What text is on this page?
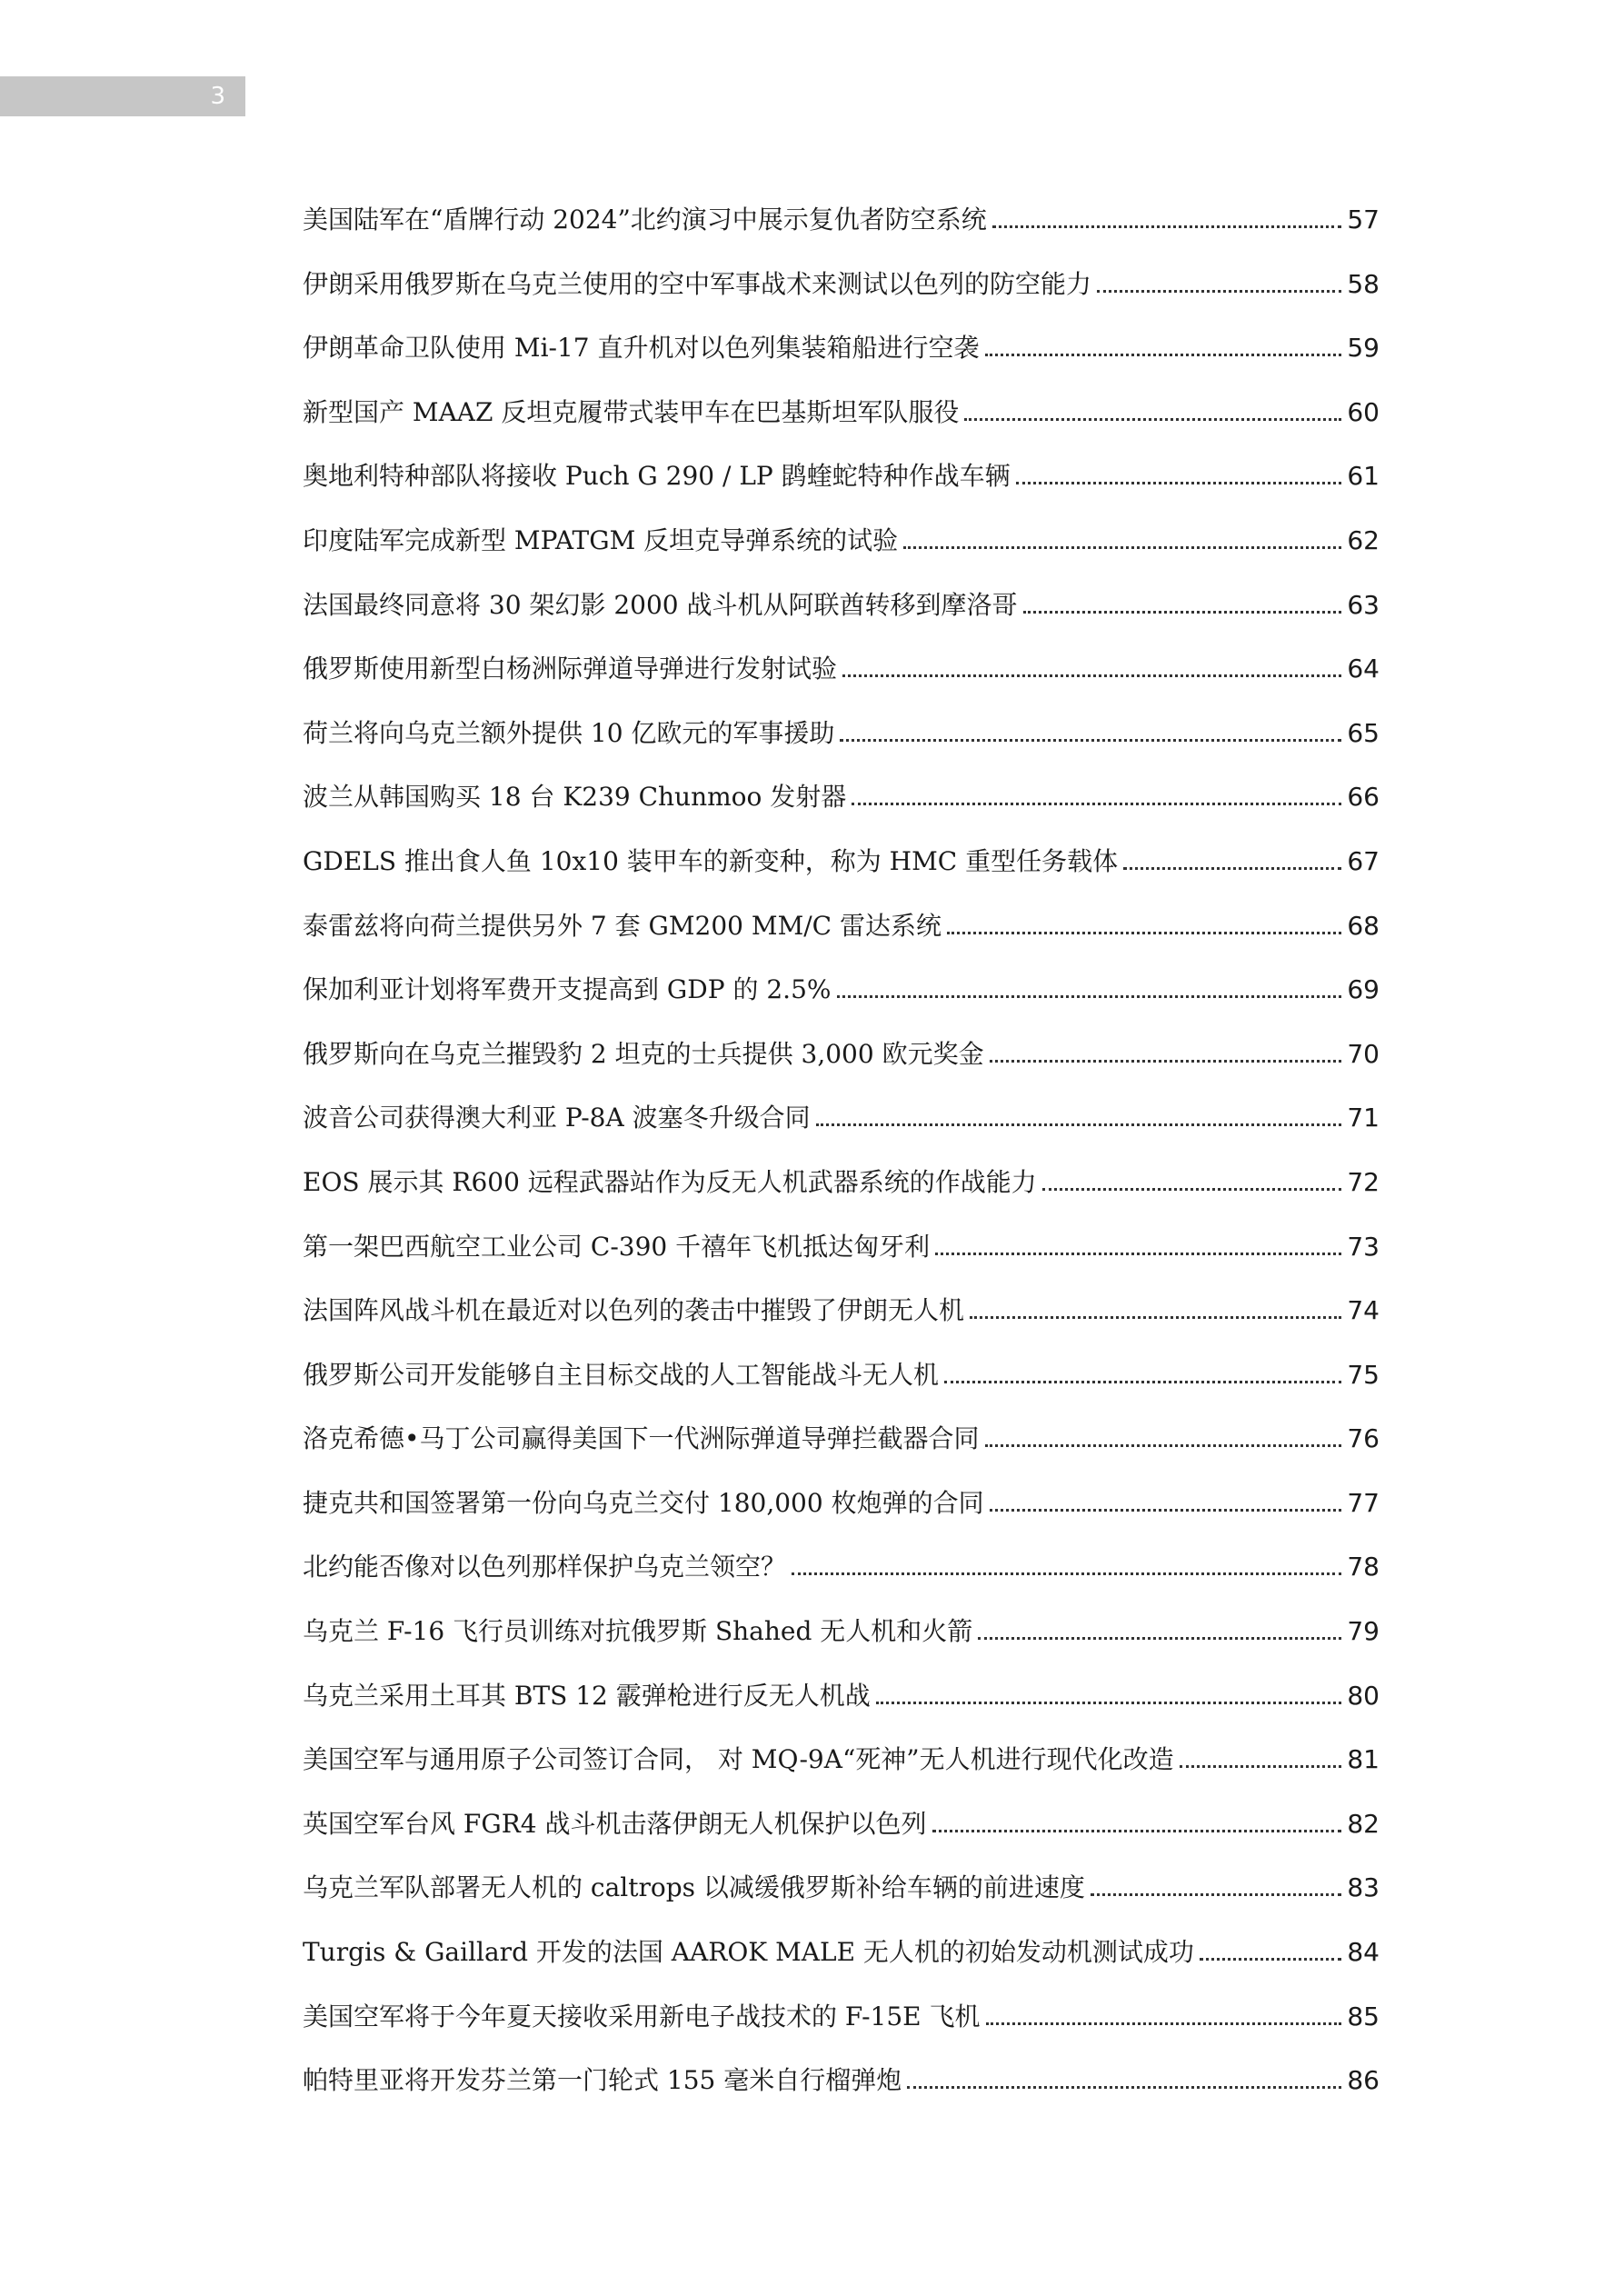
3
美国陆军在“盾牌行动 2024”北约演习中展示复仇者防空系统	57
伊朗采用俄罗斯在乌克兰使用的空中军事战术来测试以色列的防空能力	58
伊朗革命卫队使用 Mi-17 直升机对以色列集装箱船进行空袭	59
新型国产 MAAZ 反坦克履带式装甲车在巴基斯坦军队服役	60
奥地利特种部队将接收 Puch G 290 / LP 鹍蝰蛇特种作战车辆	61
印度陆军完成新型 MPATGM 反坦克导弹系统的试验	62
法国最终同意将 30 架幻影 2000 战斗机从阿联酋转移到摩洛哥	63
俄罗斯使用新型白杨洲际弹道导弹进行发射试验	64
荷兰将向乌克兰额外提供 10 亿欧元的军事援助	65
波兰从韩国购买 18 台 K239 Chunmoo 发射器	66
GDELS 推出食人鱼 10x10 装甲车的新变种，称为 HMC 重型任务载体	67
泰雷兹将向荷兰提供另外 7 套 GM200 MM/C 雷达系统	68
保加利亚计划将军费开支提高到 GDP 的 2.5%	69
俄罗斯向在乌克兰摧毁豹 2 坦克的士兵提供 3,000 欧元奖金	70
波音公司获得澳大利亚 P-8A 波塞冬升级合同	71
EOS 展示其 R600 远程武器站作为反无人机武器系统的作战能力	72
第一架巴西航空工业公司 C-390 千禧年飞机抵达匈牙利	73
法国阵风战斗机在最近对以色列的袭击中摧毁了伊朗无人机	74
俄罗斯公司开发能够自主目标交战的人工智能战斗无人机	75
洛克希德•马丁公司赢得美国下一代洲际弹道导弹拦截器合同	76
捷克共和国签署第一份向乌克兰交付 180,000 枚炮弹的合同	77
北约能否像对以色列那样保护乌克兰领空？	78
乌克兰 F-16 飞行员训练对抗俄罗斯 Shahed 无人机和火箭	79
乌克兰采用土耳其 BTS 12 霰弹枪进行反无人机战	80
美国空军与通用原子公司签订合同， 对 MQ-9A“死神”无人机进行现代化改造	81
英国空军台风 FGR4 战斗机击落伊朗无人机保护以色列	82
乌克兰军队部署无人机的 caltrops 以减缓俄罗斯补给车辆的前进速度	83
Turgis & Gaillard 开发的法国 AAROK MALE 无人机的初始发动机测试成功	84
美国空军将于今年夏天接收采用新电子战技术的 F-15E 飞机	85
帕特里亚将开发芬兰第一门轮式 155 毫米自行榴弹炮	86
